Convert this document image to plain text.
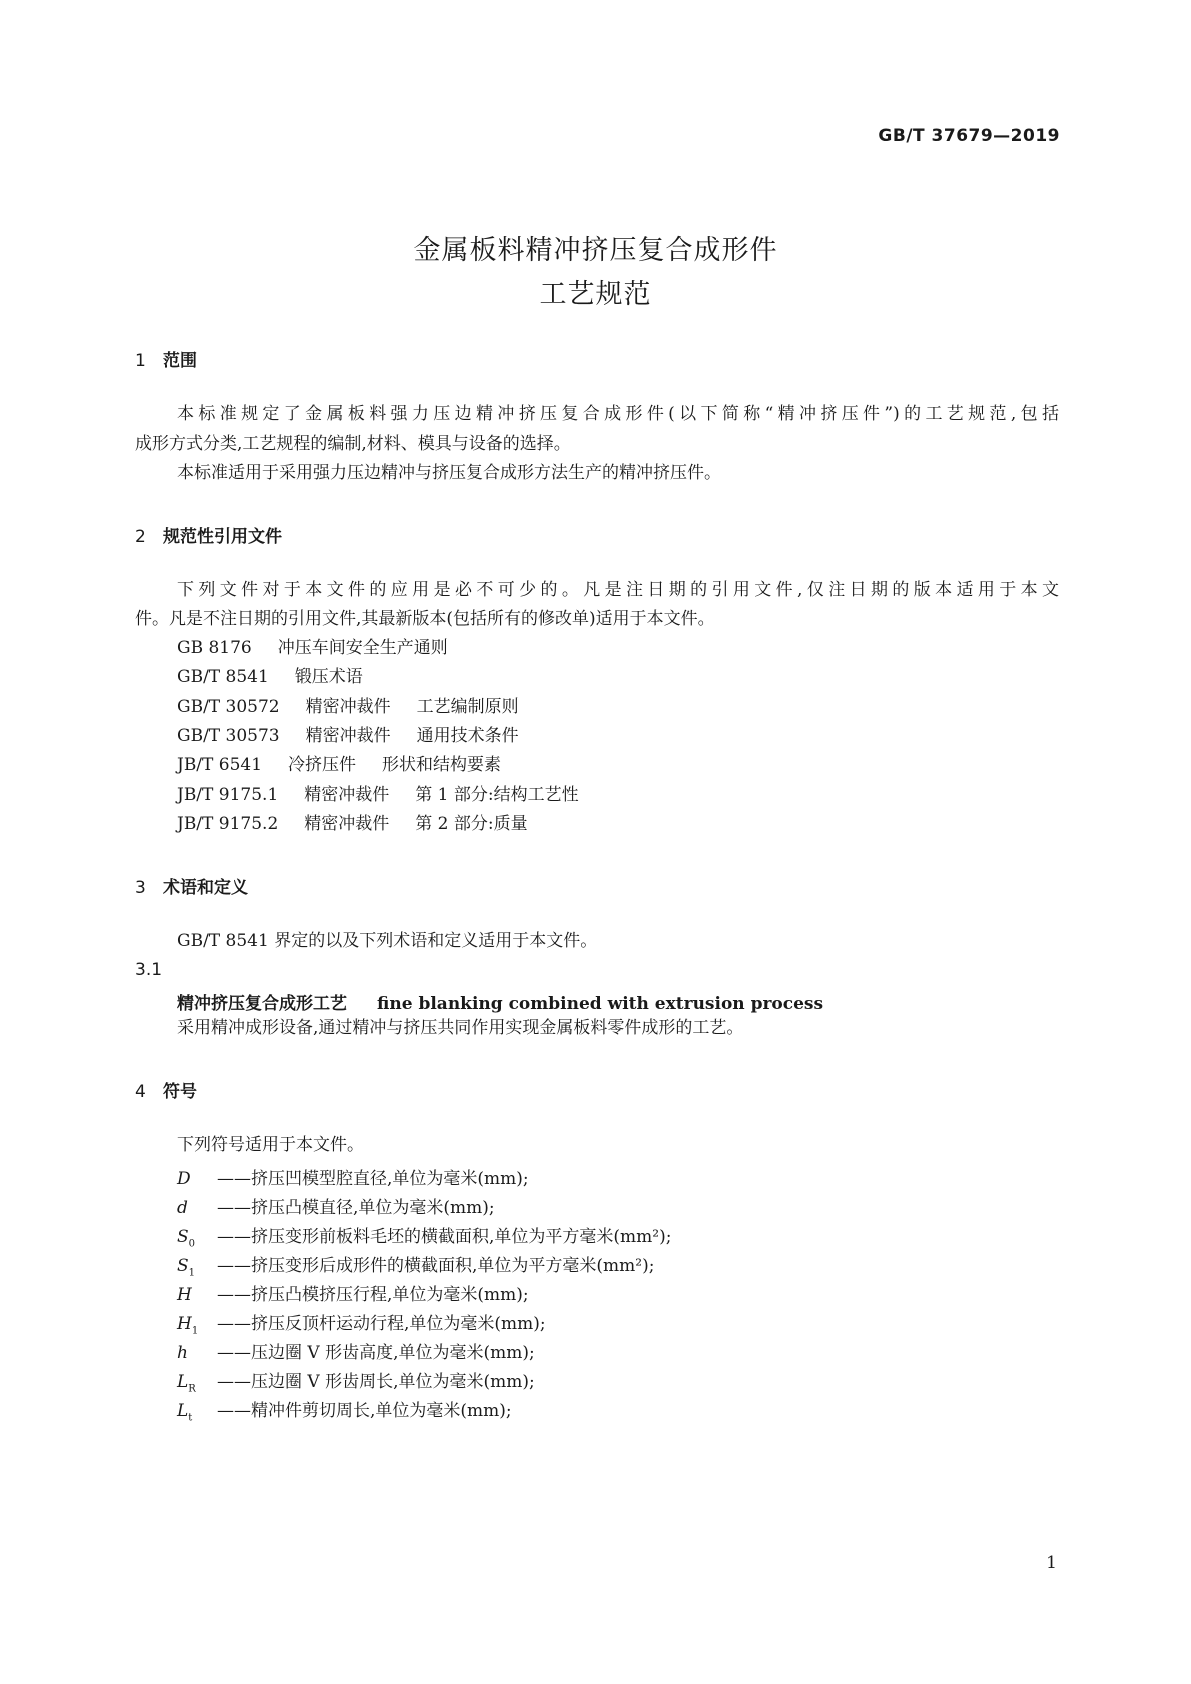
GB/T 37679—2019
金属板料精冲挤压复合成形件
工艺规范
1 范围
本标准规定了金属板料强力压边精冲挤压复合成形件(以下简称“精冲挤压件”)的工艺规范,包括
成形方式分类,工艺规程的编制,材料、模具与设备的选择。
本标准适用于采用强力压边精冲与挤压复合成形方法生产的精冲挤压件。
2 规范性引用文件
下列文件对于本文件的应用是必不可少的。凡是注日期的引用文件,仅注日期的版本适用于本文
件。凡是不注日期的引用文件,其最新版本(包括所有的修改单)适用于本文件。
GB 8176 冲压车间安全生产通则
GB/T 8541 锻压术语
GB/T 30572 精密冲裁件 工艺编制原则
GB/T 30573 精密冲裁件 通用技术条件
JB/T 6541 冷挤压件 形状和结构要素
JB/T 9175.1 精密冲裁件 第 1 部分:结构工艺性
JB/T 9175.2 精密冲裁件 第 2 部分:质量
3 术语和定义
GB/T 8541 界定的以及下列术语和定义适用于本文件。
3.1
精冲挤压复合成形工艺 fine blanking combined with extrusion process
采用精冲成形设备,通过精冲与挤压共同作用实现金属板料零件成形的工艺。
4 符号
下列符号适用于本文件。
D ——挤压凹模型腔直径,单位为毫米(mm);
d ——挤压凸模直径,单位为毫米(mm);
$S_0$ ——挤压变形前板料毛坯的横截面积,单位为平方毫米(mm²);
$S_1$ ——挤压变形后成形件的横截面积,单位为平方毫米(mm²);
H ——挤压凸模挤压行程,单位为毫米(mm);
$H_1$ ——挤压反顶杆运动行程,单位为毫米(mm);
h ——压边圈 V 形齿高度,单位为毫米(mm);
$L_R$ ——压边圈 V 形齿周长,单位为毫米(mm);
$L_t$ ——精冲件剪切周长,单位为毫米(mm);
1
